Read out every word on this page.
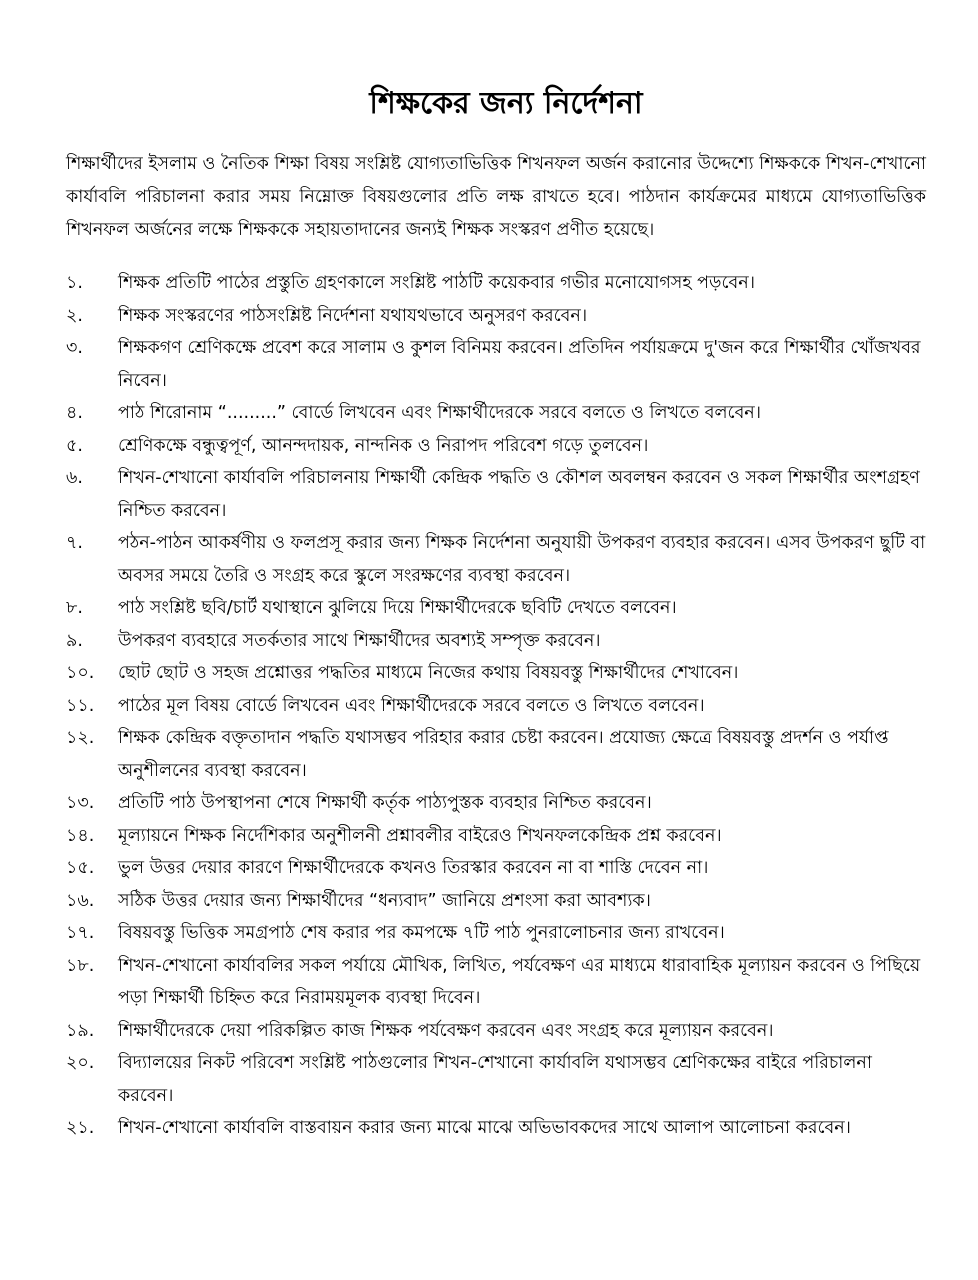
শিক্ষকের জন্য নির্দেশনা

শিক্ষার্থীদের ইসলাম ও নৈতিক শিক্ষা বিষয় সংশ্লিষ্ট যোগ্যতাভিত্তিক শিখনফল অর্জন করানোর উদ্দেশ্যে শিক্ষককে শিখন-শেখানো কার্যাবলি পরিচালনা করার সময় নিম্নোক্ত বিষয়গুলোর প্রতি লক্ষ রাখতে হবে। পাঠদান কার্যক্রমের মাধ্যমে যোগ্যতাভিত্তিক শিখনফল অর্জনের লক্ষে শিক্ষককে সহায়তাদানের জন্যই শিক্ষক সংস্করণ প্রণীত হয়েছে।

১.	শিক্ষক প্রতিটি পাঠের প্রস্তুতি গ্রহণকালে সংশ্লিষ্ট পাঠটি কয়েকবার গভীর মনোযোগসহ পড়বেন।
২.	শিক্ষক সংস্করণের পাঠসংশ্লিষ্ট নির্দেশনা যথাযথভাবে অনুসরণ করবেন।
৩.	শিক্ষকগণ শ্রেণিকক্ষে প্রবেশ করে সালাম ও কুশল বিনিময় করবেন। প্রতিদিন পর্যায়ক্রমে দু'জন করে শিক্ষার্থীর খোঁজখবর নিবেন।
৪.	পাঠ শিরোনাম “.........” বোর্ডে লিখবেন এবং শিক্ষার্থীদেরকে সরবে বলতে ও লিখতে বলবেন।
৫.	শ্রেণিকক্ষে বন্ধুত্বপূর্ণ, আনন্দদায়ক, নান্দনিক ও নিরাপদ পরিবেশ গড়ে তুলবেন।
৬.	শিখন-শেখানো কার্যাবলি পরিচালনায় শিক্ষার্থী কেন্দ্রিক পদ্ধতি ও কৌশল অবলম্বন করবেন ও সকল শিক্ষার্থীর অংশগ্রহণ নিশ্চিত করবেন।
৭.	পঠন-পাঠন আকর্ষণীয় ও ফলপ্রসূ করার জন্য শিক্ষক নির্দেশনা অনুযায়ী উপকরণ ব্যবহার করবেন। এসব উপকরণ ছুটি বা অবসর সময়ে তৈরি ও সংগ্রহ করে স্কুলে সংরক্ষণের ব্যবস্থা করবেন।
৮.	পাঠ সংশ্লিষ্ট ছবি/চার্ট যথাস্থানে ঝুলিয়ে দিয়ে শিক্ষার্থীদেরকে ছবিটি দেখতে বলবেন।
৯.	উপকরণ ব্যবহারে সতর্কতার সাথে শিক্ষার্থীদের অবশ্যই সম্পৃক্ত করবেন।
১০.	ছোট ছোট ও সহজ প্রশ্নোত্তর পদ্ধতির মাধ্যমে নিজের কথায় বিষয়বস্তু শিক্ষার্থীদের শেখাবেন।
১১.	পাঠের মূল বিষয় বোর্ডে লিখবেন এবং শিক্ষার্থীদেরকে সরবে বলতে ও লিখতে বলবেন।
১২.	শিক্ষক কেন্দ্রিক বক্তৃতাদান পদ্ধতি যথাসম্ভব পরিহার করার চেষ্টা করবেন। প্রযোজ্য ক্ষেত্রে বিষয়বস্তু প্রদর্শন ও পর্যাপ্ত অনুশীলনের ব্যবস্থা করবেন।
১৩.	প্রতিটি পাঠ উপস্থাপনা শেষে শিক্ষার্থী কর্তৃক পাঠ্যপুস্তক ব্যবহার নিশ্চিত করবেন।
১৪.	মূল্যায়নে শিক্ষক নির্দেশিকার অনুশীলনী প্রশ্নাবলীর বাইরেও শিখনফলকেন্দ্রিক প্রশ্ন করবেন।
১৫.	ভুল উত্তর দেয়ার কারণে শিক্ষার্থীদেরকে কখনও তিরস্কার করবেন না বা শাস্তি দেবেন না।
১৬.	সঠিক উত্তর দেয়ার জন্য শিক্ষার্থীদের “ধন্যবাদ” জানিয়ে প্রশংসা করা আবশ্যক।
১৭.	বিষয়বস্তু ভিত্তিক সমগ্রপাঠ শেষ করার পর কমপক্ষে ৭টি পাঠ পুনরালোচনার জন্য রাখবেন।
১৮.	শিখন-শেখানো কার্যাবলির সকল পর্যায়ে মৌখিক, লিখিত, পর্যবেক্ষণ এর মাধ্যমে ধারাবাহিক মূল্যায়ন করবেন ও পিছিয়ে পড়া শিক্ষার্থী চিহ্নিত করে নিরাময়মূলক ব্যবস্থা দিবেন।
১৯.	শিক্ষার্থীদেরকে দেয়া পরিকল্পিত কাজ শিক্ষক পর্যবেক্ষণ করবেন এবং সংগ্রহ করে মূল্যায়ন করবেন।
২০.	বিদ্যালয়ের নিকট পরিবেশ সংশ্লিষ্ট পাঠগুলোর শিখন-শেখানো কার্যাবলি যথাসম্ভব শ্রেণিকক্ষের বাইরে পরিচালনা করবেন।
২১.	শিখন-শেখানো কার্যাবলি বাস্তবায়ন করার জন্য মাঝে মাঝে অভিভাবকদের সাথে আলাপ আলোচনা করবেন।
